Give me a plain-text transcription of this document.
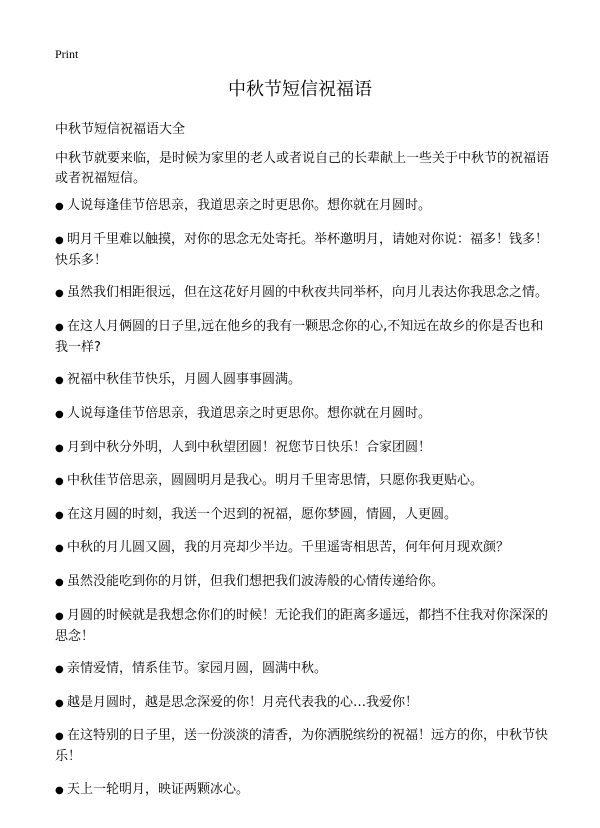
Print
中秋节短信祝福语
中秋节短信祝福语大全
中秋节就要来临，是时候为家里的老人或者说自己的长辈献上一些关于中秋节的祝福语或者祝福短信。
● 人说每逢佳节倍思亲，我道思亲之时更思你。想你就在月圆时。
● 明月千里难以触摸，对你的思念无处寄托。举杯邀明月，请她对你说：福多！钱多！快乐多！
● 虽然我们相距很远，但在这花好月圆的中秋夜共同举杯，向月儿表达你我思念之情。
● 在这人月俩圆的日子里,远在他乡的我有一颗思念你的心,不知远在故乡的你是否也和我一样?
● 祝福中秋佳节快乐，月圆人圆事事圆满。
● 人说每逢佳节倍思亲，我道思亲之时更思你。想你就在月圆时。
● 月到中秋分外明，人到中秋望团圆！祝您节日快乐！合家团圆！
● 中秋佳节倍思亲，圆圆明月是我心。明月千里寄思情，只愿你我更贴心。
● 在这月圆的时刻，我送一个迟到的祝福，愿你梦圆，情圆，人更圆。
● 中秋的月儿圆又圆，我的月亮却少半边。千里遥寄相思苦，何年何月现欢颜？
● 虽然没能吃到你的月饼，但我们想把我们波涛般的心情传递给你。
● 月圆的时候就是我想念你们的时候！无论我们的距离多遥远，都挡不住我对你深深的思念！
● 亲情爱情，情系佳节。家园月圆，圆满中秋。
● 越是月圆时，越是思念深爱的你！月亮代表我的心…我爱你！
● 在这特别的日子里，送一份淡淡的清香，为你洒脱缤纷的祝福！远方的你，中秋节快乐！
● 天上一轮明月，映证两颗冰心。
